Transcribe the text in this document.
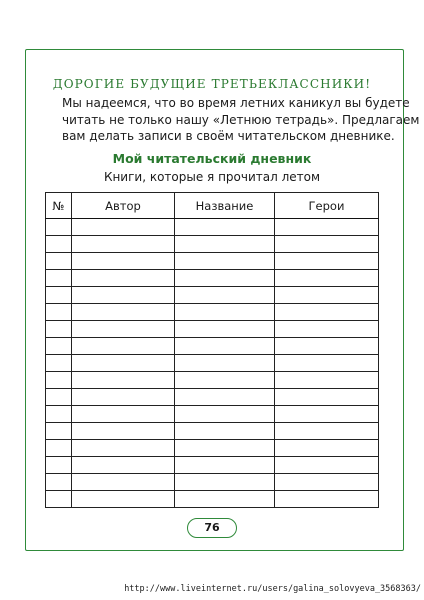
ДОРОГИЕ БУДУЩИЕ ТРЕТЬЕКЛАССНИКИ!
Мы надеемся, что во время летних каникул вы будете
читать не только нашу «Летнюю тетрадь». Предлагаем
вам делать записи в своём читательском дневнике.
Мой читательский дневник
Книги, которые я прочитал летом
№	Автор	Название	Герои

76
http://www.liveinternet.ru/users/galina_solovyeva_3568363/
